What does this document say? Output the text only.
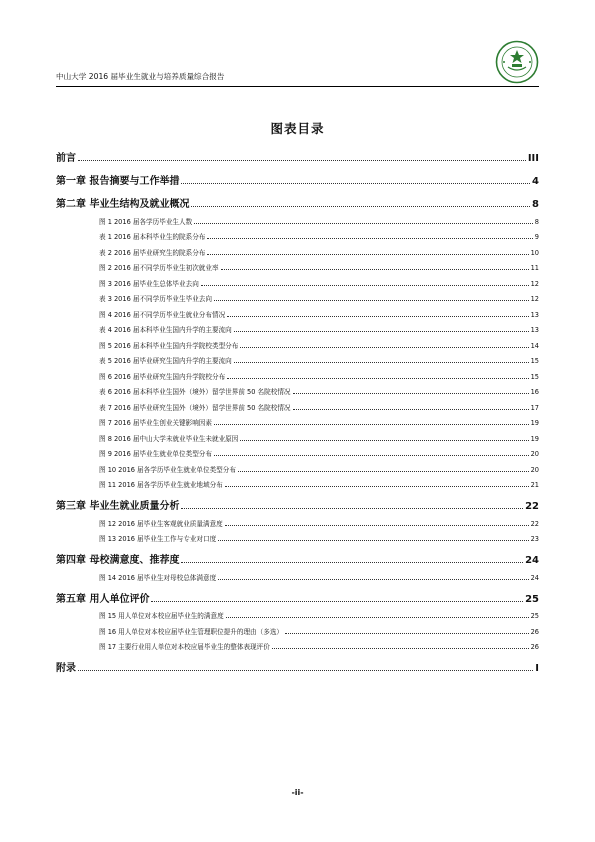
中山大学 2016 届毕业生就业与培养质量综合报告
图表目录
前言	III
第一章 报告摘要与工作举措	4
第二章 毕业生结构及就业概况	8
图 1 2016 届各学历毕业生人数	8
表 1 2016 届本科毕业生的院系分布	9
表 2 2016 届毕业研究生的院系分布	10
图 2 2016 届不同学历毕业生初次就业率	11
图 3 2016 届毕业生总体毕业去向	12
表 3 2016 届不同学历毕业生毕业去向	12
图 4 2016 届不同学历毕业生就业分布情况	13
表 4 2016 届本科毕业生国内升学的主要流向	13
图 5 2016 届本科毕业生国内升学院校类型分布	14
表 5 2016 届毕业研究生国内升学的主要流向	15
图 6 2016 届毕业研究生国内升学院校分布	15
表 6 2016 届本科毕业生国外（境外）留学世界前 50 名院校情况	16
表 7 2016 届毕业研究生国外（境外）留学世界前 50 名院校情况	17
图 7 2016 届毕业生创业关键影响因素	19
图 8 2016 届中山大学未就业毕业生未就业原因	19
图 9 2016 届毕业生就业单位类型分布	20
图 10 2016 届各学历毕业生就业单位类型分布	20
图 11 2016 届各学历毕业生就业地域分布	21
第三章 毕业生就业质量分析	22
图 12 2016 届毕业生客观就业质量满意度	22
图 13 2016 届毕业生工作与专业对口度	23
第四章 母校满意度、推荐度	24
图 14 2016 届毕业生对母校总体满意度	24
第五章 用人单位评价	25
图 15 用人单位对本校应届毕业生的满意度	25
图 16 用人单位对本校应届毕业生管理职位提升的理由（多选）	26
图 17 主要行业用人单位对本校应届毕业生的整体表现评价	26
附录	I
-ii-
